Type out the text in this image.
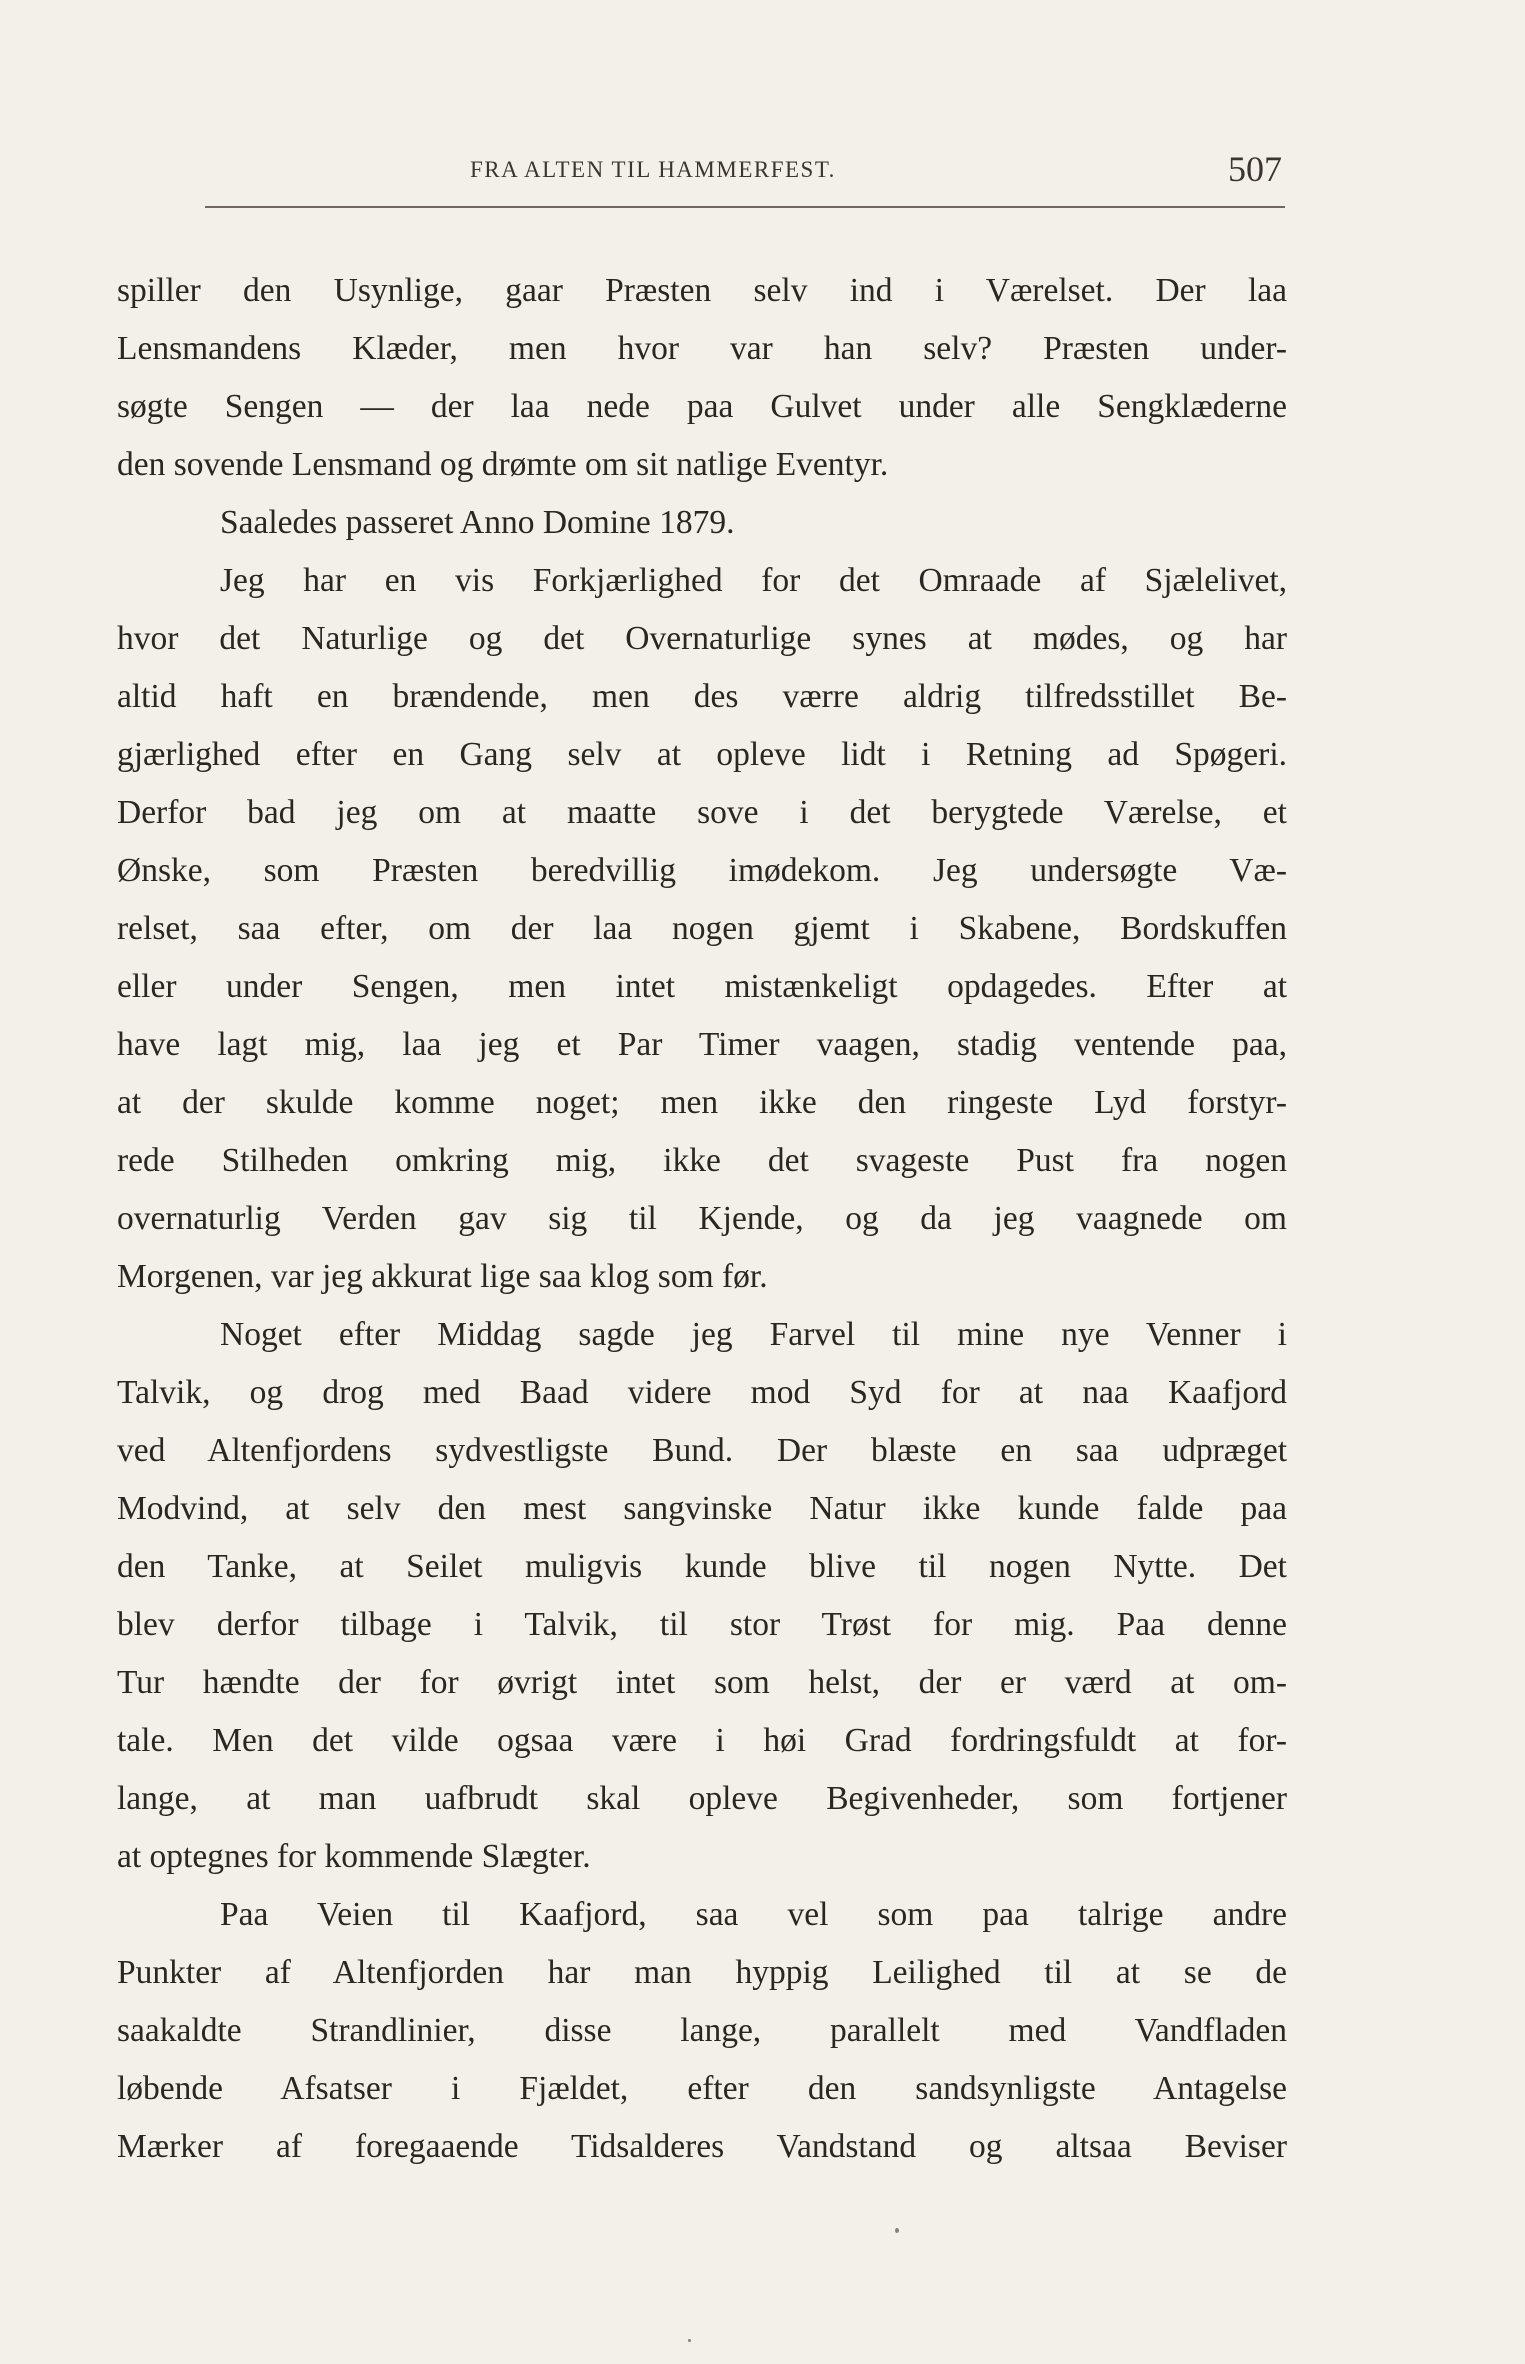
FRA ALTEN TIL HAMMERFEST.	507
spiller den Usynlige, gaar Præsten selv ind i Værelset. Der laa
Lensmandens Klæder, men hvor var han selv? Præsten under-
søgte Sengen — der laa nede paa Gulvet under alle Sengklæderne
den sovende Lensmand og drømte om sit natlige Eventyr.
Saaledes passeret Anno Domine 1879.
Jeg har en vis Forkjærlighed for det Omraade af Sjælelivet,
hvor det Naturlige og det Overnaturlige synes at mødes, og har
altid haft en brændende, men des værre aldrig tilfredsstillet Be-
gjærlighed efter en Gang selv at opleve lidt i Retning ad Spøgeri.
Derfor bad jeg om at maatte sove i det berygtede Værelse, et
Ønske, som Præsten beredvillig imødekom. Jeg undersøgte Væ-
relset, saa efter, om der laa nogen gjemt i Skabene, Bordskuffen
eller under Sengen, men intet mistænkeligt opdagedes. Efter at
have lagt mig, laa jeg et Par Timer vaagen, stadig ventende paa,
at der skulde komme noget; men ikke den ringeste Lyd forstyr-
rede Stilheden omkring mig, ikke det svageste Pust fra nogen
overnaturlig Verden gav sig til Kjende, og da jeg vaagnede om
Morgenen, var jeg akkurat lige saa klog som før.
Noget efter Middag sagde jeg Farvel til mine nye Venner i
Talvik, og drog med Baad videre mod Syd for at naa Kaafjord
ved Altenfjordens sydvestligste Bund. Der blæste en saa udpræget
Modvind, at selv den mest sangvinske Natur ikke kunde falde paa
den Tanke, at Seilet muligvis kunde blive til nogen Nytte. Det
blev derfor tilbage i Talvik, til stor Trøst for mig. Paa denne
Tur hændte der for øvrigt intet som helst, der er værd at om-
tale. Men det vilde ogsaa være i høi Grad fordringsfuldt at for-
lange, at man uafbrudt skal opleve Begivenheder, som fortjener
at optegnes for kommende Slægter.
Paa Veien til Kaafjord, saa vel som paa talrige andre
Punkter af Altenfjorden har man hyppig Leilighed til at se de
saakaldte Strandlinier, disse lange, parallelt med Vandfladen
løbende Afsatser i Fjældet, efter den sandsynligste Antagelse
Mærker af foregaaende Tidsalderes Vandstand og altsaa Beviser
